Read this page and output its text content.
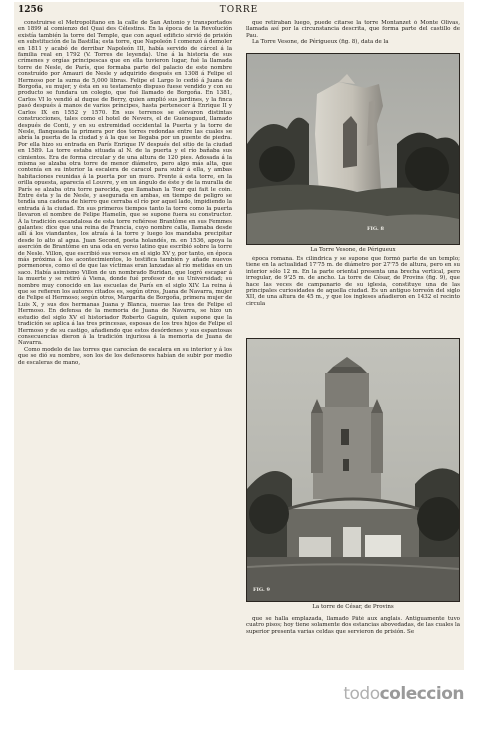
1256	TORRE

construirse el Metropolitano en la calle de San Antonio y transportados en 1899 al comienzo del Quai des Célestins. En la época de la Revolución existía también la torre del Temple, que con aquel edificio sirvió de prisión en substitución de la Bastilla; esta torre, que Napoleón I comenzó á demoler en 1811 y acabó de derribar Napoleón III, había servido de cárcel á la familia real en 1792 (V. Torres de leyenda). Une á la historia de sus crímenes y orgías principescas que en ella tuvieron lugar, fué la llamada torre de Nesle, de París, que formaba parte del palacio de este nombre construído por Amauri de Nesle y adquirido después en 1308 á Felipe el Hermoso por la suma de 5,000 libras. Felipe el Largo lo cedió á Juana de Borgoña, su mujer, y ésta en su testamento dispuso fuese vendido y con su producto se fundara un colegio, que fué llamado de Borgoña. En 1381, Carlos VI lo vendió al duque de Berry, quien amplió sus jardines, y la finca pasó después á manos de varios príncipes, hasta pertenecer á Enrique II y Carlos IX en 1552 y 1570. En sus terrenos se elevaron distintas construcciones, tales como el hotel de Nevers, el de Guenegaud, llamado después de Conti, y en su extremidad occidental la Puerta y la torre de Nesle, flanqueada la primera por dos torres redondas entre las cuales se abría la puerta de la ciudad y á la que se llegaba por un puente de piedra. Por ella hizo su entrada en París Enrique IV después del sitio de la ciudad en 1589. La torre estaba situada al N. de la puerta y el río bañaba sus cimientos. Era de forma circular y de una altura de 120 pies. Adosada á la misma se alzaba otra torre de menor diámetro, pero algo más alta, que contenía en su interior la escalera de caracol para subir á ella, y ambas habitaciones reunidas á la puerta por un muro. Frente á esta torre, en la orilla opuesta, aparecía el Louvre, y en un ángulo de éste y de la muralla de París se alzaba otra torre parecida, que llamaban la Tour qui fait le coin. Entre ésta y la de Nesle, y asegurada en ambas, en tiempo de peligro se tendía una cadena de hierro que cerraba el río por aquel lado, impidiendo la entrada á la ciudad. En sus primeros tiempos tanto la torre como la puerta llevaron el nombre de Felipe Hamelín, que se supone fuera su constructor. Á la tradición escandalosa de esta torre refiérese Brantôme en sus Femmes galantes: dice que una reina de Francia, cuyo nombre calla, llamaba desde allí á los viandantes, los atraía á la torre y luego los mandaba precipitar desde lo alto al agua. Juan Second, poeta holandés, m. en 1536, apoya la aserción de Brantôme en una oda en verso latino que escribió sobre la torre de Nesle. Villon, que escribió sus versos en el siglo XV y, por tanto, en época más próxima á los acontecimientos, lo testifica también y añade nuevos pormenores, como el de que las víctimas eran lanzadas al río metidas en un saco. Había asimismo Villon de un nombrado Buridan, que logró escapar á la muerte y se retiró á Viena, donde fué profesor de su Universidad; su nombre muy conocido en las escuelas de París en el siglo XIV. La reina á que se refieren los autores citados es, según otros, Juana de Navarra, mujer de Felipe el Hermoso; según otros, Margarita de Borgoña, primera mujer de Luis X, y sus dos hermanas Juana y Blanca, nueras las tres de Felipe el Hermoso. En defensa de la memoria de Juana de Navarra, se hizo un estudio del siglo XV el historiador Roberto Gaguin, quien supone que la tradición se aplica á las tres princesas, esposas de los tres hijos de Felipe el Hermoso y de su castigo, añadiendo que estos desórdenes y sus espantosas consecuencias dieron á la tradición injuriosa á la memoria de Juana de Navarra.

Como modelo de las torres que carecían de escalera en su interior y á los que se dió su nombre, son los de los defensores habían de subir por medio de escaleras de mano,

que retiraban luego, puede citarse la torre Montanzet ó Monte Olivas, llamada así por la circunstancia descrita, que forma parte del castillo de Pau.

La Torre Vesone, de Périgueux (fig. 8), data de la

FIG. 8
La Torre Vesone, de Périgueux

época romana. Es cilíndrica y se supone que formó parte de un templo; tiene en la actualidad 17'75 m. de diámetro por 27'75 de altura, pero en su interior sólo 12 m. En la parte oriental presenta una brecha vertical, pero irregular, de 9'25 m. de ancho. La torre de César, de Provins (fig. 9), que hace las veces de campanario de su iglesia, constituye una de las principales curiosidades de aquella ciudad. Es un antiguo torreón del siglo XII, de una altura de 45 m., y que los ingleses añadieron en 1432 el recinto circula

FIG. 9
La torre de César, de Provins

que se halla emplazada, llamado Pâté aux anglais. Antiguamente tuvo cuatro pisos; hoy tiene solamente dos estancias abovedadas, de las cuales la superior presenta varias celdas que servieron de prisión. Se

todocoleccion
